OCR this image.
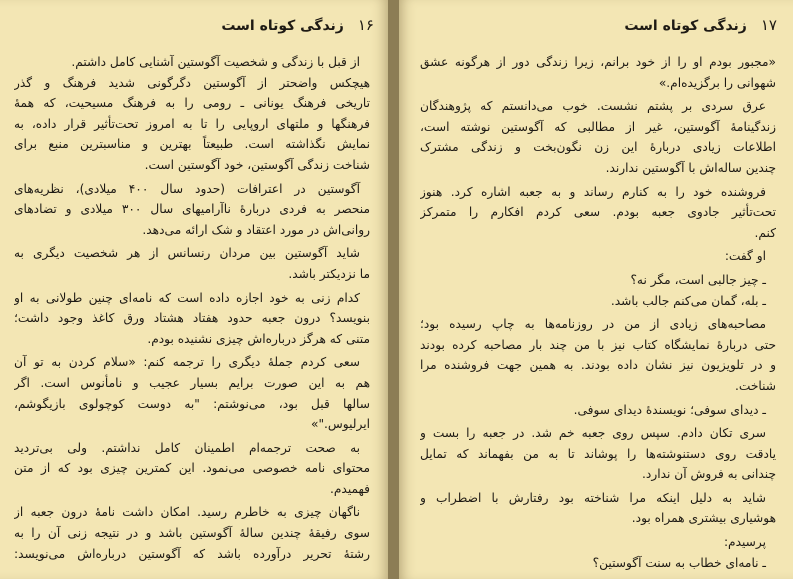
۱۶زندگی کوتاه است
از قبل با زندگی و شخصیت آگوستین آشنایی کامل داشتم.
هیچکس واضحتر از آگوستین دگرگونی شدید فرهنگ و گذر
تاریخی فرهنگ یونانی ـ رومی را به فرهنگ مسیحیت، که همهٔ
فرهنگها و ملتهای اروپایی را تا به امروز تحت‌تأثیر قرار داده، به
نمایش نگذاشته است. طبیعتاً بهترین و مناسبترین منبع برای
شناخت زندگی آگوستین، خود آگوستین است.
آگوستین در اعترافات (حدود سال ۴۰۰ میلادی)، نظریه‌های
منحصر به فردی دربارهٔ ناآرامیهای سال ۳۰۰ میلادی و تضادهای
روانی‌اش در مورد اعتقاد و شک ارائه می‌دهد.
شاید آگوستین بین مردان رنسانس از هر شخصیت دیگری به
ما نزدیکتر باشد.
کدام زنی به خود اجازه داده است که نامه‌ای چنین طولانی به او
بنویسد؟ درون جعبه حدود هفتاد هشتاد ورق کاغذ وجود داشت؛
متنی که هرگز درباره‌اش چیزی نشنیده بودم.
سعی کردم جملهٔ دیگری را ترجمه کنم: «سلام کردن به تو آن
هم به این صورت برایم بسیار عجیب و نامأنوس است. اگر
سالها قبل بود، می‌نوشتم: "به دوست کوچولوی بازیگوشم،
ایرلیوس."»
به صحت ترجمه‌ام اطمینان کامل نداشتم. ولی بی‌تردید
محتوای نامه خصوصی می‌نمود. این کمترین چیزی بود که از متن
فهمیدم.
ناگهان چیزی به خاطرم رسید. امکان داشت نامهٔ درون جعبه از
سوی رفیقهٔ چندین سالهٔ آگوستین باشد و در نتیجه زنی آن را به
رشتهٔ تحریر درآورده باشد که آگوستین درباره‌اش می‌نویسد:
۱۷زندگی کوتاه است
«مجبور بودم او را از خود برانم، زیرا زندگی دور از هرگونه عشق
شهوانی را برگزیده‌ام.»
عرق سردی بر پشتم نشست. خوب می‌دانستم که پژوهندگان
زندگینامهٔ آگوستین، غیر از مطالبی که آگوستین نوشته است،
اطلاعات زیادی دربارهٔ این زن نگون‌بخت و زندگی مشترک
چندین ساله‌اش با آگوستین ندارند.
فروشنده خود را به کنارم رساند و به جعبه اشاره کرد. هنوز
تحت‌تأثیر جادوی جعبه بودم. سعی کردم افکارم را متمرکز
کنم.
او گفت:
ـ چیز جالبی است، مگر نه؟
ـ بله، گمان می‌کنم جالب باشد.
مصاحبه‌های زیادی از من در روزنامه‌ها به چاپ رسیده بود؛
حتی دربارهٔ نمایشگاه کتاب نیز با من چند بار مصاحبه کرده بودند
و در تلویزیون نیز نشان داده بودند. به همین جهت فروشنده مرا
شناخت.
ـ دیدای سوفی؛ نویسندهٔ دیدای سوفی.
سری تکان دادم. سپس روی جعبه خم شد. در جعبه را بست و
یادقت روی دستنوشته‌ها را پوشاند تا به من بفهماند که تمایل
چندانی به فروش آن ندارد.
شاید به دلیل اینکه مرا شناخته بود رفتارش با اضطراب و
هوشیاری بیشتری همراه بود.
پرسیدم:
ـ نامه‌ای خطاب به سنت آگوستین؟
